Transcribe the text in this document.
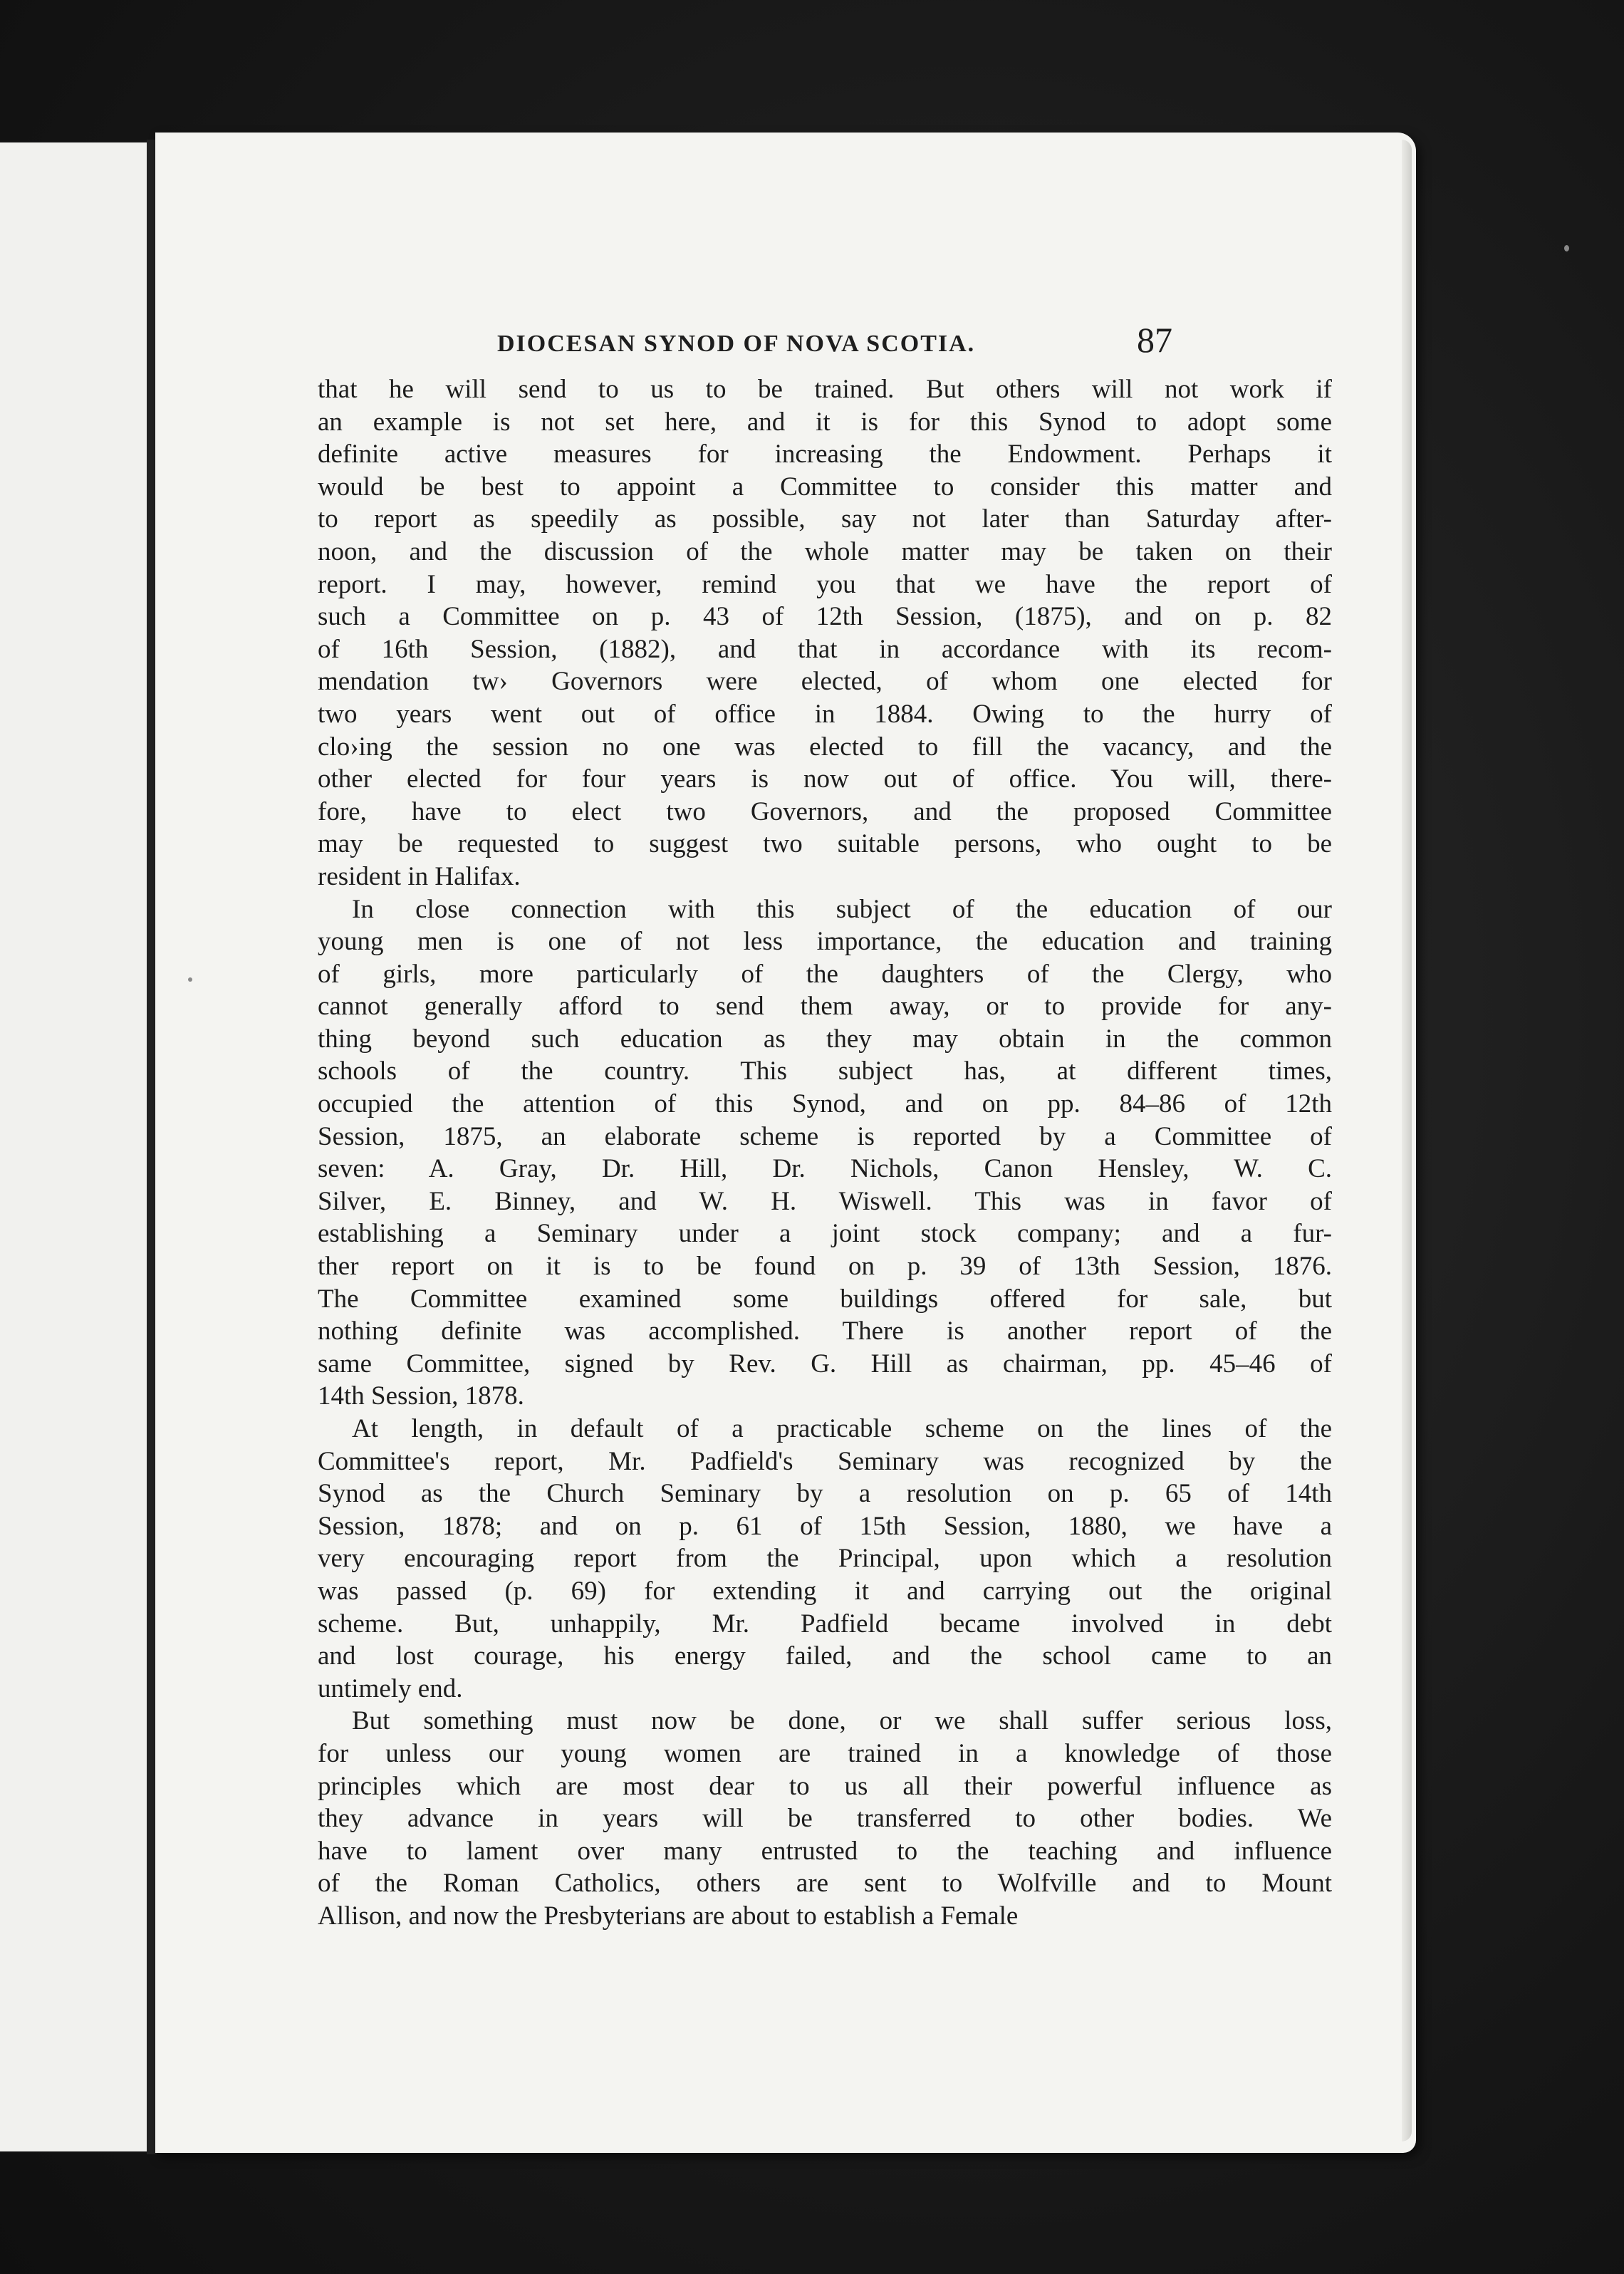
DIOCESAN SYNOD OF NOVA SCOTIA.	87

that he will send to us to be trained. But others will not work if
an example is not set here, and it is for this Synod to adopt some
definite active measures for increasing the Endowment. Perhaps it
would be best to appoint a Committee to consider this matter and
to report as speedily as possible, say not later than Saturday after-
noon, and the discussion of the whole matter may be taken on their
report. I may, however, remind you that we have the report of
such a Committee on p. 43 of 12th Session, (1875), and on p. 82
of 16th Session, (1882), and that in accordance with its recom-
mendation tw› Governors were elected, of whom one elected for
two years went out of office in 1884. Owing to the hurry of
clo›ing the session no one was elected to fill the vacancy, and the
other elected for four years is now out of office. You will, there-
fore, have to elect two Governors, and the proposed Committee
may be requested to suggest two suitable persons, who ought to be
resident in Halifax.

In close connection with this subject of the education of our
young men is one of not less importance, the education and training
of girls, more particularly of the daughters of the Clergy, who
cannot generally afford to send them away, or to provide for any-
thing beyond such education as they may obtain in the common
schools of the country. This subject has, at different times,
occupied the attention of this Synod, and on pp. 84–86 of 12th
Session, 1875, an elaborate scheme is reported by a Committee of
seven: A. Gray, Dr. Hill, Dr. Nichols, Canon Hensley, W. C.
Silver, E. Binney, and W. H. Wiswell. This was in favor of
establishing a Seminary under a joint stock company; and a fur-
ther report on it is to be found on p. 39 of 13th Session, 1876.
The Committee examined some buildings offered for sale, but
nothing definite was accomplished. There is another report of the
same Committee, signed by Rev. G. Hill as chairman, pp. 45–46 of
14th Session, 1878.

At length, in default of a practicable scheme on the lines of the
Committee's report, Mr. Padfield's Seminary was recognized by the
Synod as the Church Seminary by a resolution on p. 65 of 14th
Session, 1878; and on p. 61 of 15th Session, 1880, we have a
very encouraging report from the Principal, upon which a resolution
was passed (p. 69) for extending it and carrying out the original
scheme. But, unhappily, Mr. Padfield became involved in debt
and lost courage, his energy failed, and the school came to an
untimely end.

But something must now be done, or we shall suffer serious loss,
for unless our young women are trained in a knowledge of those
principles which are most dear to us all their powerful influence as
they advance in years will be transferred to other bodies. We
have to lament over many entrusted to the teaching and influence
of the Roman Catholics, others are sent to Wolfville and to Mount
Allison, and now the Presbyterians are about to establish a Female
